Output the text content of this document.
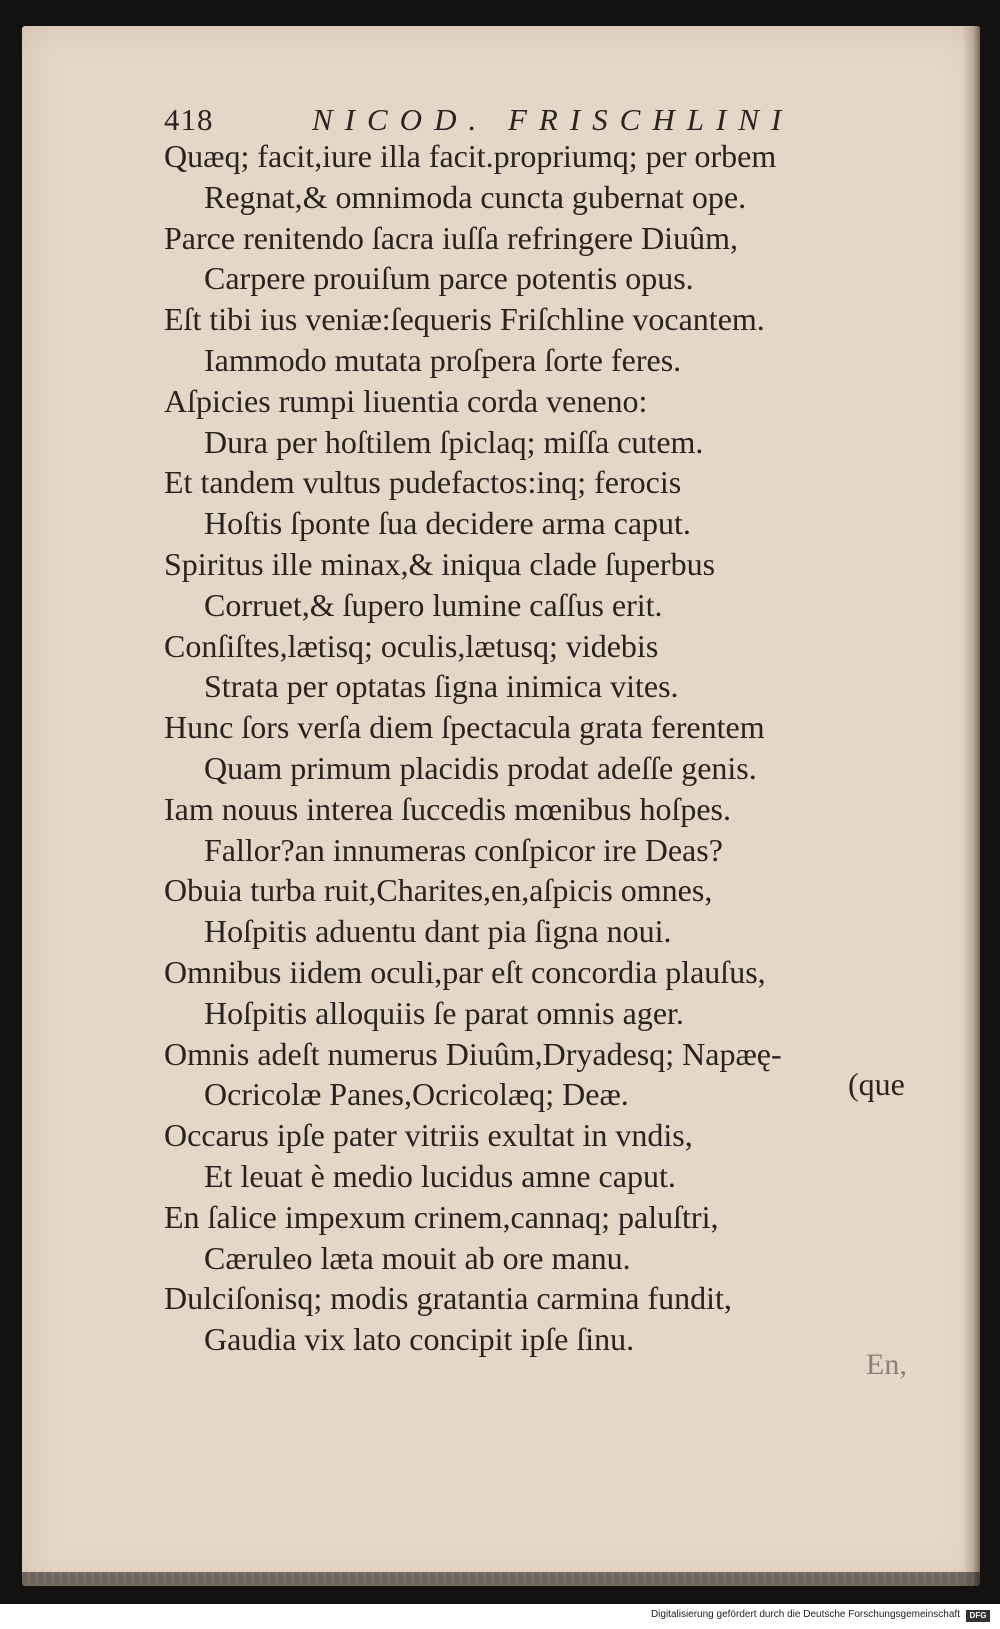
418	NICOD. FRISCHLINI
Quæq; facit,iure illa facit.propriumq; per orbem
Regnat,& omnimoda cuncta gubernat ope.
Parce renitendo ſacra iuſſa refringere Diuûm,
Carpere prouiſum parce potentis opus.
Eſt tibi ius veniæ:ſequeris Friſchline vocantem.
Iammodo mutata proſpera ſorte feres.
Aſpicies rumpi liuentia corda veneno:
Dura per hoſtilem ſpiclaq; miſſa cutem.
Et tandem vultus pudefactos:inq; ferocis
Hoſtis ſponte ſua decidere arma caput.
Spiritus ille minax,& iniqua clade ſuperbus
Corruet,& ſupero lumine caſſus erit.
Conſiſtes,lætisq; oculis,lætusq; videbis
Strata per optatas ſigna inimica vites.
Hunc ſors verſa diem ſpectacula grata ferentem
Quam primum placidis prodat adeſſe genis.
Iam nouus interea ſuccedis mœnibus hoſpes.
Fallor?an innumeras conſpicor ire Deas?
Obuia turba ruit,Charites,en,aſpicis omnes,
Hoſpitis aduentu dant pia ſigna noui.
Omnibus iidem oculi,par eſt concordia plauſus,
Hoſpitis alloquiis ſe parat omnis ager.
Omnis adeſt numerus Diuûm,Dryadesq; Napæę-
Ocricolæ Panes,Ocricolæq; Deæ.
Occarus ipſe pater vitriis exultat in vndis,
Et leuat è medio lucidus amne caput.
En ſalice impexum crinem,cannaq; paluſtri,
Cæruleo læta mouit ab ore manu.
Dulciſonisq; modis gratantia carmina fundit,
Gaudia vix lato concipit ipſe ſinu.
(que
En,
Digitalisierung gefördert durch die Deutsche Forschungsgemeinschaft	DFG
